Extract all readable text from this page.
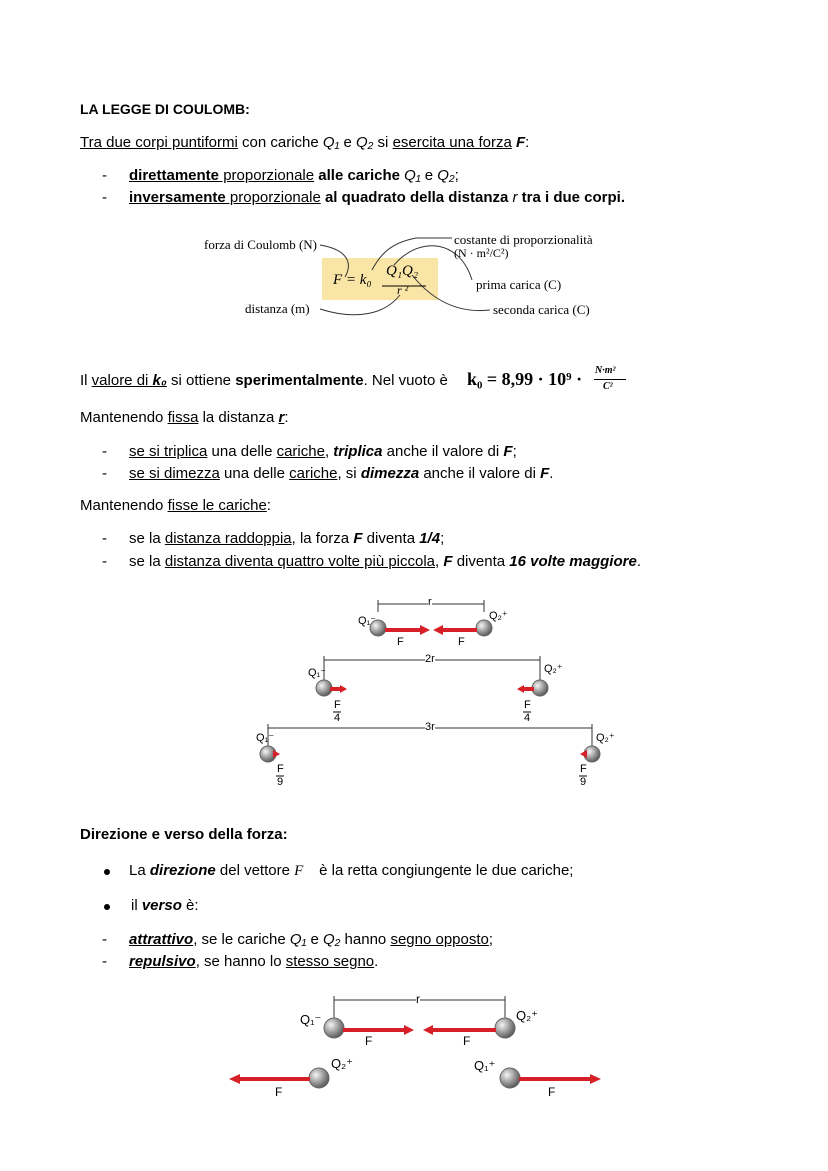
LA LEGGE DI COULOMB:
Tra due corpi puntiformi con cariche Q₁ e Q₂ si esercita una forza F:
- direttamente proporzionale alle cariche Q₁ e Q₂;
- inversamente proporzionale al quadrato della distanza r tra i due corpi.
forza di Coulomb (N)
distanza (m)
costante di proporzionalità
(N · m²/C²)
prima carica (C)
seconda carica (C)
F = k₀
Q₁Q₂
r ²
Il valore di k₀ si ottiene sperimentalmente. Nel vuoto è k₀ = 8,99 · 10⁹ · N·m²
C²
Mantenendo fissa la distanza r:
- se si triplica una delle cariche, triplica anche il valore di F;
- se si dimezza una delle cariche, si dimezza anche il valore di F.
Mantenendo fisse le cariche:
- se la distanza raddoppia, la forza F diventa 1/4;
- se la distanza diventa quattro volte più piccola, F diventa 16 volte maggiore.
r
2r
3r
Q₁⁻	Q₂⁺
F	F
Q₁⁻	Q₂⁺
F
4
F
4
Q₁⁻	Q₂⁺
F
9
F
9
Direzione e verso della forza:
La direzione del vettore F⃗ è la retta congiungente le due cariche;
il verso è:
- attrattivo, se le cariche Q₁ e Q₂ hanno segno opposto;
- repulsivo, se hanno lo stesso segno.
r
Q₁⁻	Q₂⁺
F	F
Q₂⁺	Q₁⁺
F	F
